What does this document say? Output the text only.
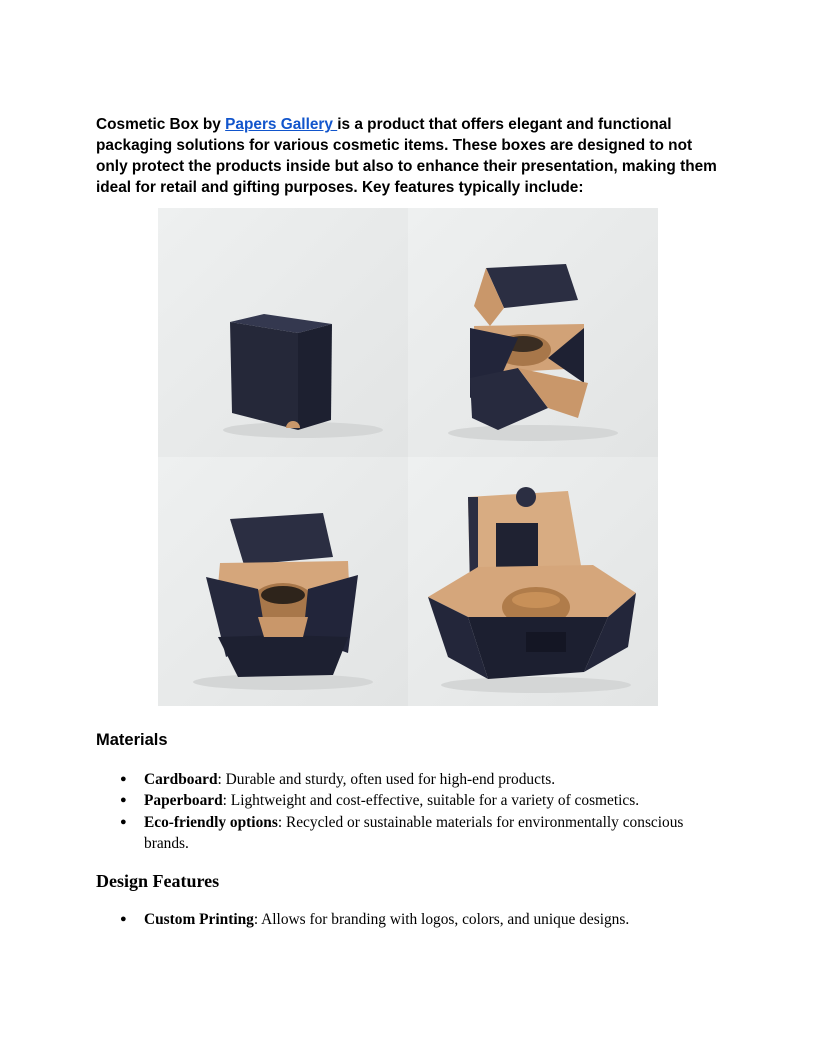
Cosmetic Box by Papers Gallery is a product that offers elegant and functional packaging solutions for various cosmetic items. These boxes are designed to not only protect the products inside but also to enhance their presentation, making them ideal for retail and gifting purposes. Key features typically include:

Materials
●	Cardboard: Durable and sturdy, often used for high-end products.
●	Paperboard: Lightweight and cost-effective, suitable for a variety of cosmetics.
●	Eco-friendly options: Recycled or sustainable materials for environmentally conscious brands.
Design Features
●	Custom Printing: Allows for branding with logos, colors, and unique designs.
